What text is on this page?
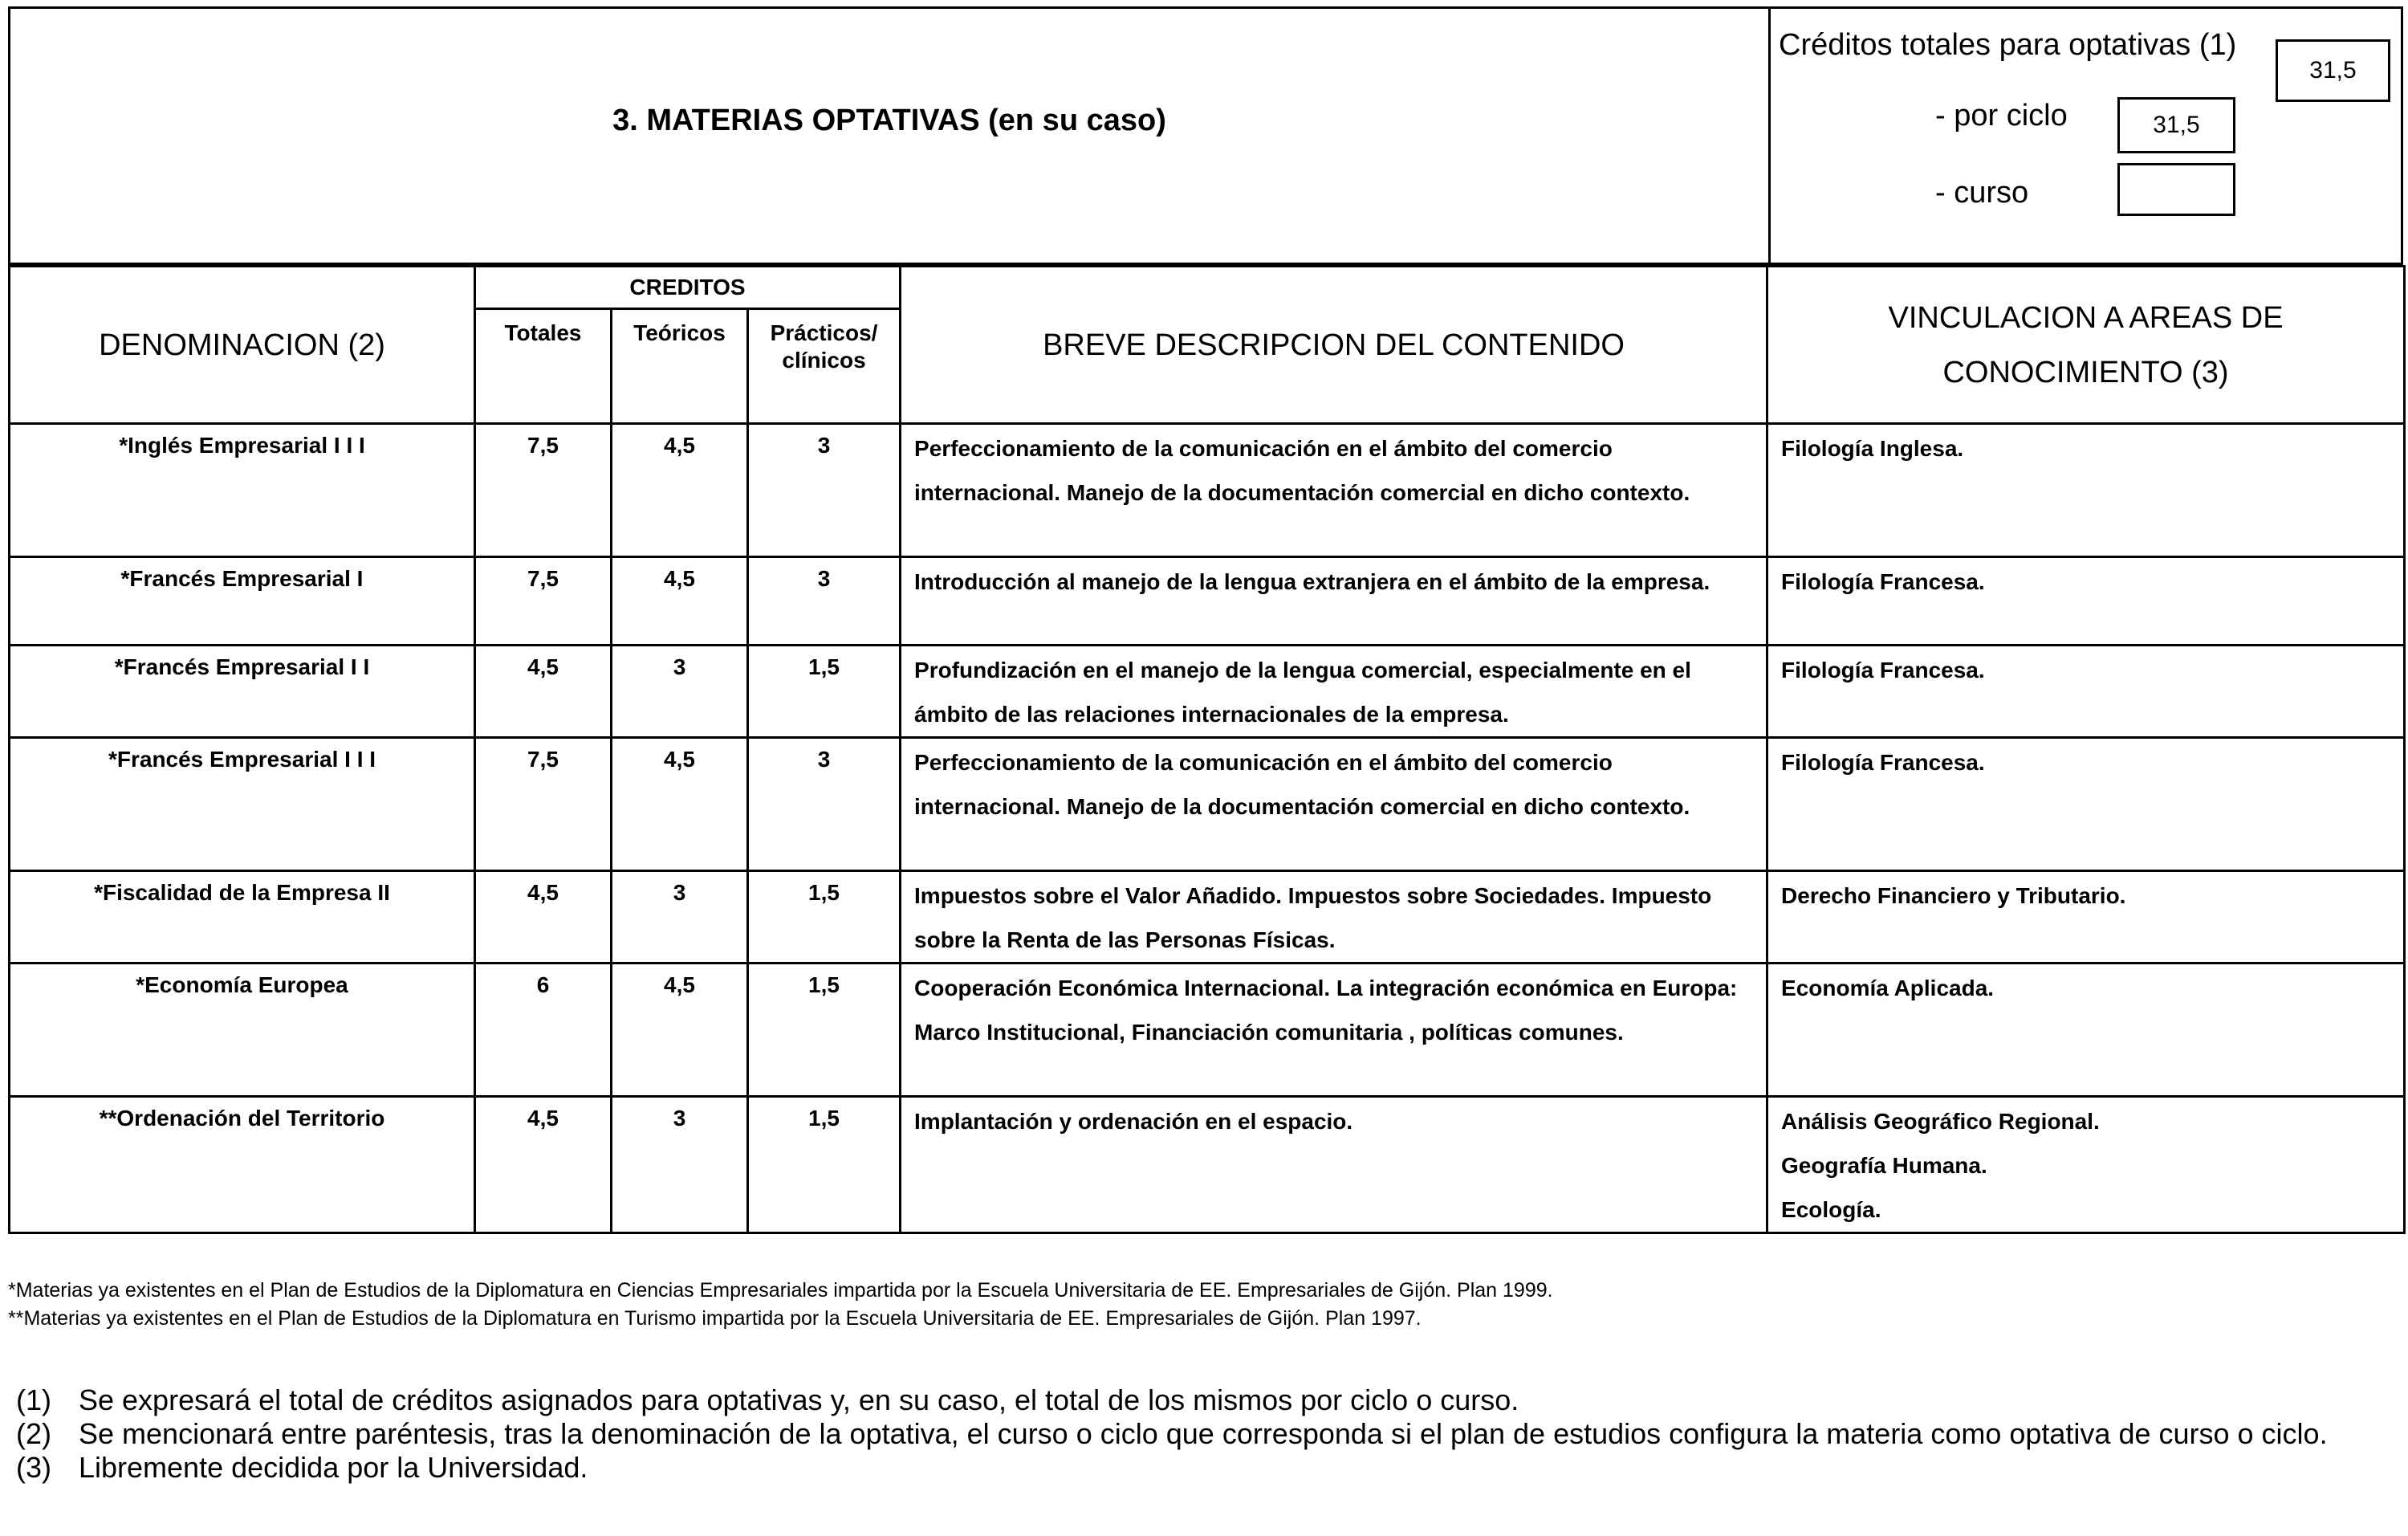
3. MATERIAS OPTATIVAS (en su caso)
Créditos totales para optativas (1)
31,5
- por ciclo	31,5
- curso
DENOMINACION (2)	CREDITOS			BREVE DESCRIPCION DEL CONTENIDO	VINCULACION A AREAS DE CONOCIMIENTO (3)
	Totales	Teóricos	Prácticos/ clínicos		
*Inglés Empresarial I I I	7,5	4,5	3	Perfeccionamiento de la comunicación en el ámbito del comercio internacional. Manejo de la documentación comercial en dicho contexto.	Filología Inglesa.

*Francés Empresarial I	7,5	4,5	3	Introducción al manejo de la lengua extranjera en el ámbito de la empresa.	Filología Francesa.

*Francés Empresarial I I	4,5	3	1,5	Profundización en el manejo de la lengua comercial, especialmente en el ámbito de las relaciones internacionales de la empresa.	Filología Francesa.

*Francés Empresarial I I I	7,5	4,5	3	Perfeccionamiento de la comunicación en el ámbito del comercio internacional. Manejo de la documentación comercial en dicho contexto.	Filología Francesa.

*Fiscalidad de la Empresa II	4,5	3	1,5	Impuestos sobre el Valor Añadido. Impuestos sobre Sociedades. Impuesto sobre la Renta de las Personas Físicas.	Derecho Financiero y Tributario.

*Economía Europea	6	4,5	1,5	Cooperación Económica Internacional. La integración económica en Europa: Marco Institucional, Financiación comunitaria , políticas comunes.	Economía Aplicada.

**Ordenación del Territorio	4,5	3	1,5	Implantación y ordenación en el espacio.	Análisis Geográfico Regional.
Geografía Humana.
Ecología.
*Materias ya existentes en el Plan de Estudios de la Diplomatura en Ciencias Empresariales impartida por la Escuela Universitaria de EE. Empresariales de Gijón. Plan 1999.
**Materias ya existentes en el Plan de Estudios de la Diplomatura en Turismo impartida por la Escuela Universitaria de EE. Empresariales de Gijón. Plan 1997.
(1) Se expresará el total de créditos asignados para optativas y, en su caso, el total de los mismos por ciclo o curso.
(2) Se mencionará entre paréntesis, tras la denominación de la optativa, el curso o ciclo que corresponda si el plan de estudios configura la materia como optativa de curso o ciclo.
(3) Libremente decidida por la Universidad.
